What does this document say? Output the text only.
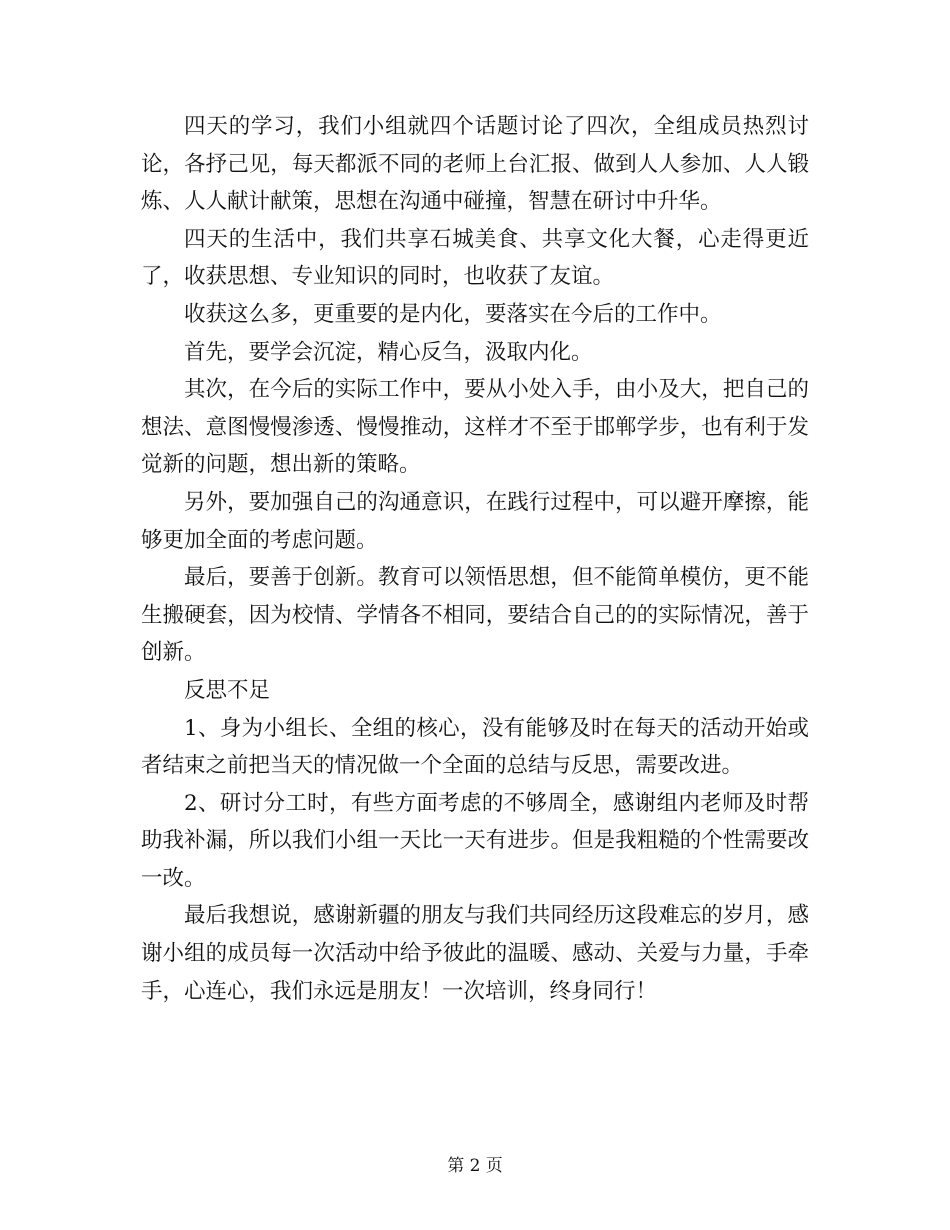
四天的学习，我们小组就四个话题讨论了四次，全组成员热烈讨论，各抒己见，每天都派不同的老师上台汇报、做到人人参加、人人锻炼、人人献计献策，思想在沟通中碰撞，智慧在研讨中升华。

四天的生活中，我们共享石城美食、共享文化大餐，心走得更近了，收获思想、专业知识的同时，也收获了友谊。

收获这么多，更重要的是内化，要落实在今后的工作中。

首先，要学会沉淀，精心反刍，汲取内化。

其次，在今后的实际工作中，要从小处入手，由小及大，把自己的想法、意图慢慢渗透、慢慢推动，这样才不至于邯郸学步，也有利于发觉新的问题，想出新的策略。

另外，要加强自己的沟通意识，在践行过程中，可以避开摩擦，能够更加全面的考虑问题。

最后，要善于创新。教育可以领悟思想，但不能简单模仿，更不能生搬硬套，因为校情、学情各不相同，要结合自己的的实际情况，善于创新。

反思不足

1、身为小组长、全组的核心，没有能够及时在每天的活动开始或者结束之前把当天的情况做一个全面的总结与反思，需要改进。

2、研讨分工时，有些方面考虑的不够周全，感谢组内老师及时帮助我补漏，所以我们小组一天比一天有进步。但是我粗糙的个性需要改一改。

最后我想说，感谢新疆的朋友与我们共同经历这段难忘的岁月，感谢小组的成员每一次活动中给予彼此的温暖、感动、关爱与力量，手牵手，心连心，我们永远是朋友！一次培训，终身同行！

第 2 页
